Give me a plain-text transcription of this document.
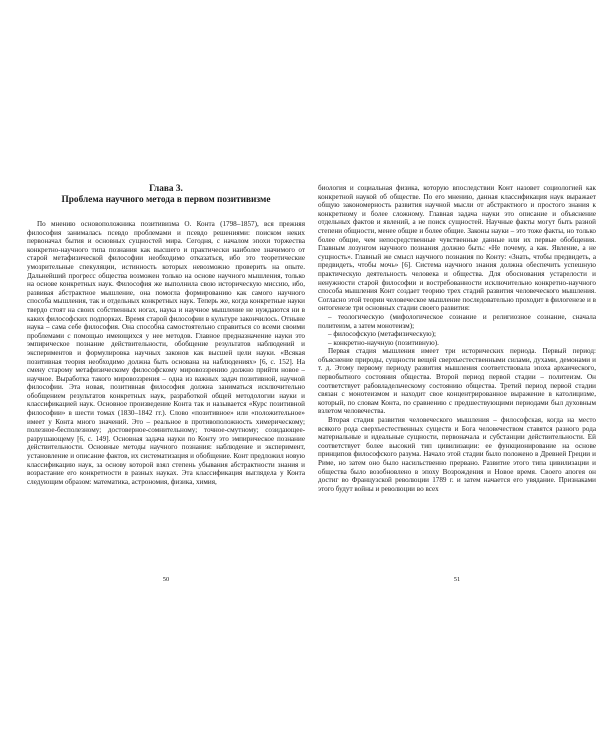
Глава 3.
Проблема научного метода в первом позитивизме

По мнению основоположника позитивизма О. Конта (1798–1857), вся прежняя философия занималась псевдо проблемами и псевдо решениями: поиском неких первоначал бытия и основных сущностей мира. Сегодня, с началом эпохи торжества конкретно-научного типа познания как высшего и практически наиболее значимого от старой метафизической философии необходимо отказаться, ибо это теоретические умозрительные спекуляции, истинность которых невозможно проверить на опыте. Дальнейший прогресс общества возможен только на основе научного мышления, только на основе конкретных наук. Философия же выполнила свою историческую миссию, ибо, развивая абстрактное мышление, она помогла формированию как самого научного способа мышления, так и отдельных конкретных наук. Теперь же, когда конкретные науки твердо стоят на своих собственных ногах, наука и научное мышление не нуждаются ни в каких философских подпорках. Время старой философии в культуре закончилось. Отныне наука – сама себе философия. Она способна самостоятельно справиться со всеми своими проблемами с помощью имеющихся у нее методов. Главное предназначение науки это эмпирическое познание действительности, обобщение результатов наблюдений и экспериментов и формулировка научных законов как высшей цели науки. «Всякая позитивная теория необходимо должна быть основана на наблюдениях» [6, с. 152]. На смену старому метафизическому философскому мировоззрению должно прийти новое – научное. Выработка такого мировоззрения – одна из важных задач позитивной, научной философии. Эта новая, позитивная философия должна заниматься исключительно обобщением результатов конкретных наук, разработкой общей методологии науки и классификацией наук. Основное произведение Конта так и называется «Курс позитивной философии» в шести томах (1830–1842 гг.). Слово «позитивное» или «положительное» имеет у Конта много значений. Это – реальное в противоположность химерическому; полезное-бесполезному; достоверное-сомнительному; точное-смутному; созидающее-разрушающему [6, с. 149]. Основная задача науки по Конту это эмпирическое познание действительности. Основные методы научного познания: наблюдение и эксперимент, установление и описание фактов, их систематизация и обобщение. Конт предложил новую классификацию наук, за основу которой взял степень убывания абстрактности знания и возрастание его конкретности в разных науках. Эта классификация выглядела у Конта следующим образом: математика, астрономия, физика, химия,

50

биология и социальная физика, которую впоследствии Конт назовет социологией как конкретной наукой об обществе. По его мнению, данная классификация наук выражает общую закономерность развития научной мысли от абстрактного и простого знания к конкретному и более сложному. Главная задача науки это описание и объяснение отдельных фактов и явлений, а не поиск сущностей. Научные факты могут быть разной степени общности, менее общие и более общие. Законы науки – это тоже факты, но только более общие, чем непосредственные чувственные данные или их первые обобщения. Главным лозунгом научного познания должно быть: «Не почему, а как. Явление, а не сущность». Главный же смысл научного познания по Конту: «Знать, чтобы предвидеть, а предвидеть, чтобы мочь» [6]. Система научного знания должна обеспечить успешную практическую деятельность человека и общества. Для обоснования устарелости и ненужности старой философии и востребованности исключительно конкретно-научного способа мышления Конт создает теорию трех стадий развития человеческого мышления. Согласно этой теории человеческое мышление последовательно проходит в филогенезе и в онтогенезе три основных стадии своего развития:

– теологическую (мифологическое сознание и религиозное сознание, сначала политеизм, а затем монотеизм);

– философскую (метафизическую);

– конкретно-научную (позитивную).

Первая стадия мышления имеет три исторических периода. Первый период: объяснение природы, сущности вещей сверхъестественными силами, духами, демонами и т. д. Этому первому периоду развития мышления соответствовала эпоха архаического, первобытного состояния общества. Второй период первой стадии – политеизм. Он соответствует рабовладельческому состоянию общества. Третий период первой стадии связан с монотеизмом и находит свое концентрированное выражение в католицизме, который, по словам Конта, по сравнению с предшествующими периодами был духовным взлетом человечества.

Вторая стадия развития человеческого мышления – философская, когда на место всякого рода сверхъестественных существ и Бога человечеством ставятся разного рода материальные и идеальные сущности, первоначала и субстанции действительности. Ей соответствует более высокий тип цивилизации: ее функционирование на основе принципов философского разума. Начало этой стадии было положено в Древней Греции и Риме, но затем оно было насильственно прервано. Развитие этого типа цивилизации и общества было возобновлено в эпоху Возрождения и Новое время. Своего апогея он достиг во Французской революции 1789 г. и затем начается его увядание. Признаками этого будут войны и революции во всех

51
